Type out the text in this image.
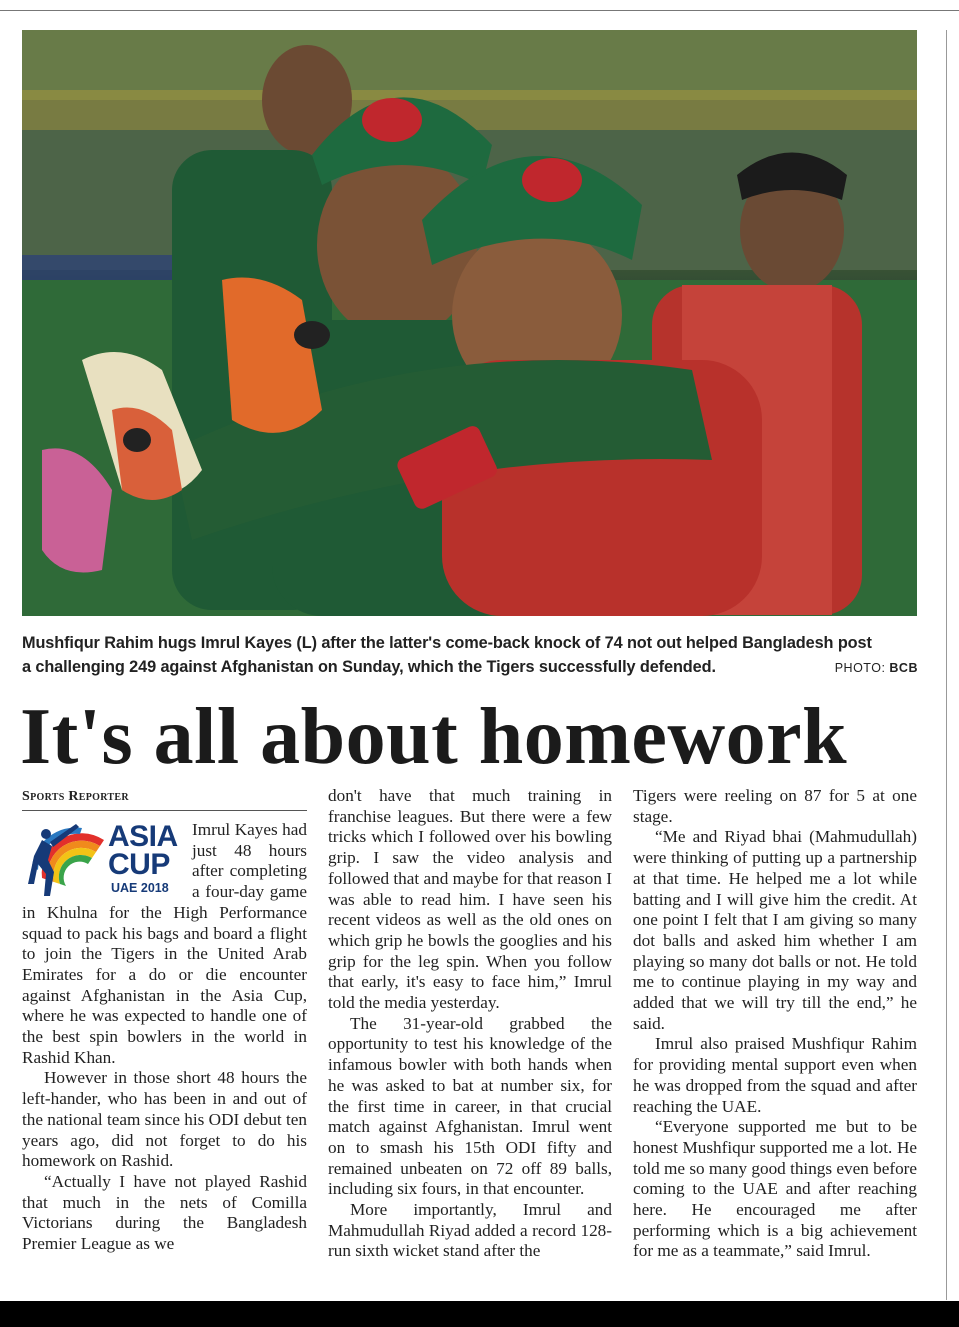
Mushfiqur Rahim hugs Imrul Kayes (L) after the latter's come-back knock of 74 not out helped Bangladesh post
a challenging 249 against Afghanistan on Sunday, which the Tigers successfully defended.	PHOTO: BCB
It's all about homework
Sports Reporter
ASIA
CUP
UAE 2018

Imrul Kayes had just 48 hours after completing a four-day game in Khulna for the High Performance squad to pack his bags and board a flight to join the Tigers in the United Arab Emirates for a do or die encounter against Afghanistan in the Asia Cup, where he was expected to handle one of the best spin bowlers in the world in Rashid Khan.

However in those short 48 hours the left-hander, who has been in and out of the national team since his ODI debut ten years ago, did not forget to do his homework on Rashid.

“Actually I have not played Rashid that much in the nets of Comilla Victorians during the Bangladesh Premier League as we

don't have that much training in franchise leagues. But there were a few tricks which I followed over his bowling grip. I saw the video analysis and followed that and maybe for that reason I was able to read him. I have seen his recent videos as well as the old ones on which grip he bowls the googlies and his grip for the leg spin. When you follow that early, it's easy to face him,” Imrul told the media yesterday.

The 31-year-old grabbed the opportunity to test his knowledge of the infamous bowler with both hands when he was asked to bat at number six, for the first time in career, in that crucial match against Afghanistan. Imrul went on to smash his 15th ODI fifty and remained unbeaten on 72 off 89 balls, including six fours, in that encounter.

More importantly, Imrul and Mahmudullah Riyad added a record 128-run sixth wicket stand after the

Tigers were reeling on 87 for 5 at one stage.

“Me and Riyad bhai (Mahmudullah) were thinking of putting up a partnership at that time. He helped me a lot while batting and I will give him the credit. At one point I felt that I am giving so many dot balls and asked him whether I am playing so many dot balls or not. He told me to continue playing in my way and added that we will try till the end,” he said.

Imrul also praised Mushfiqur Rahim for providing mental support even when he was dropped from the squad and after reaching the UAE.

“Everyone supported me but to be honest Mushfiqur supported me a lot. He told me so many good things even before coming to the UAE and after reaching here. He encouraged me after performing which is a big achievement for me as a teammate,” said Imrul.
